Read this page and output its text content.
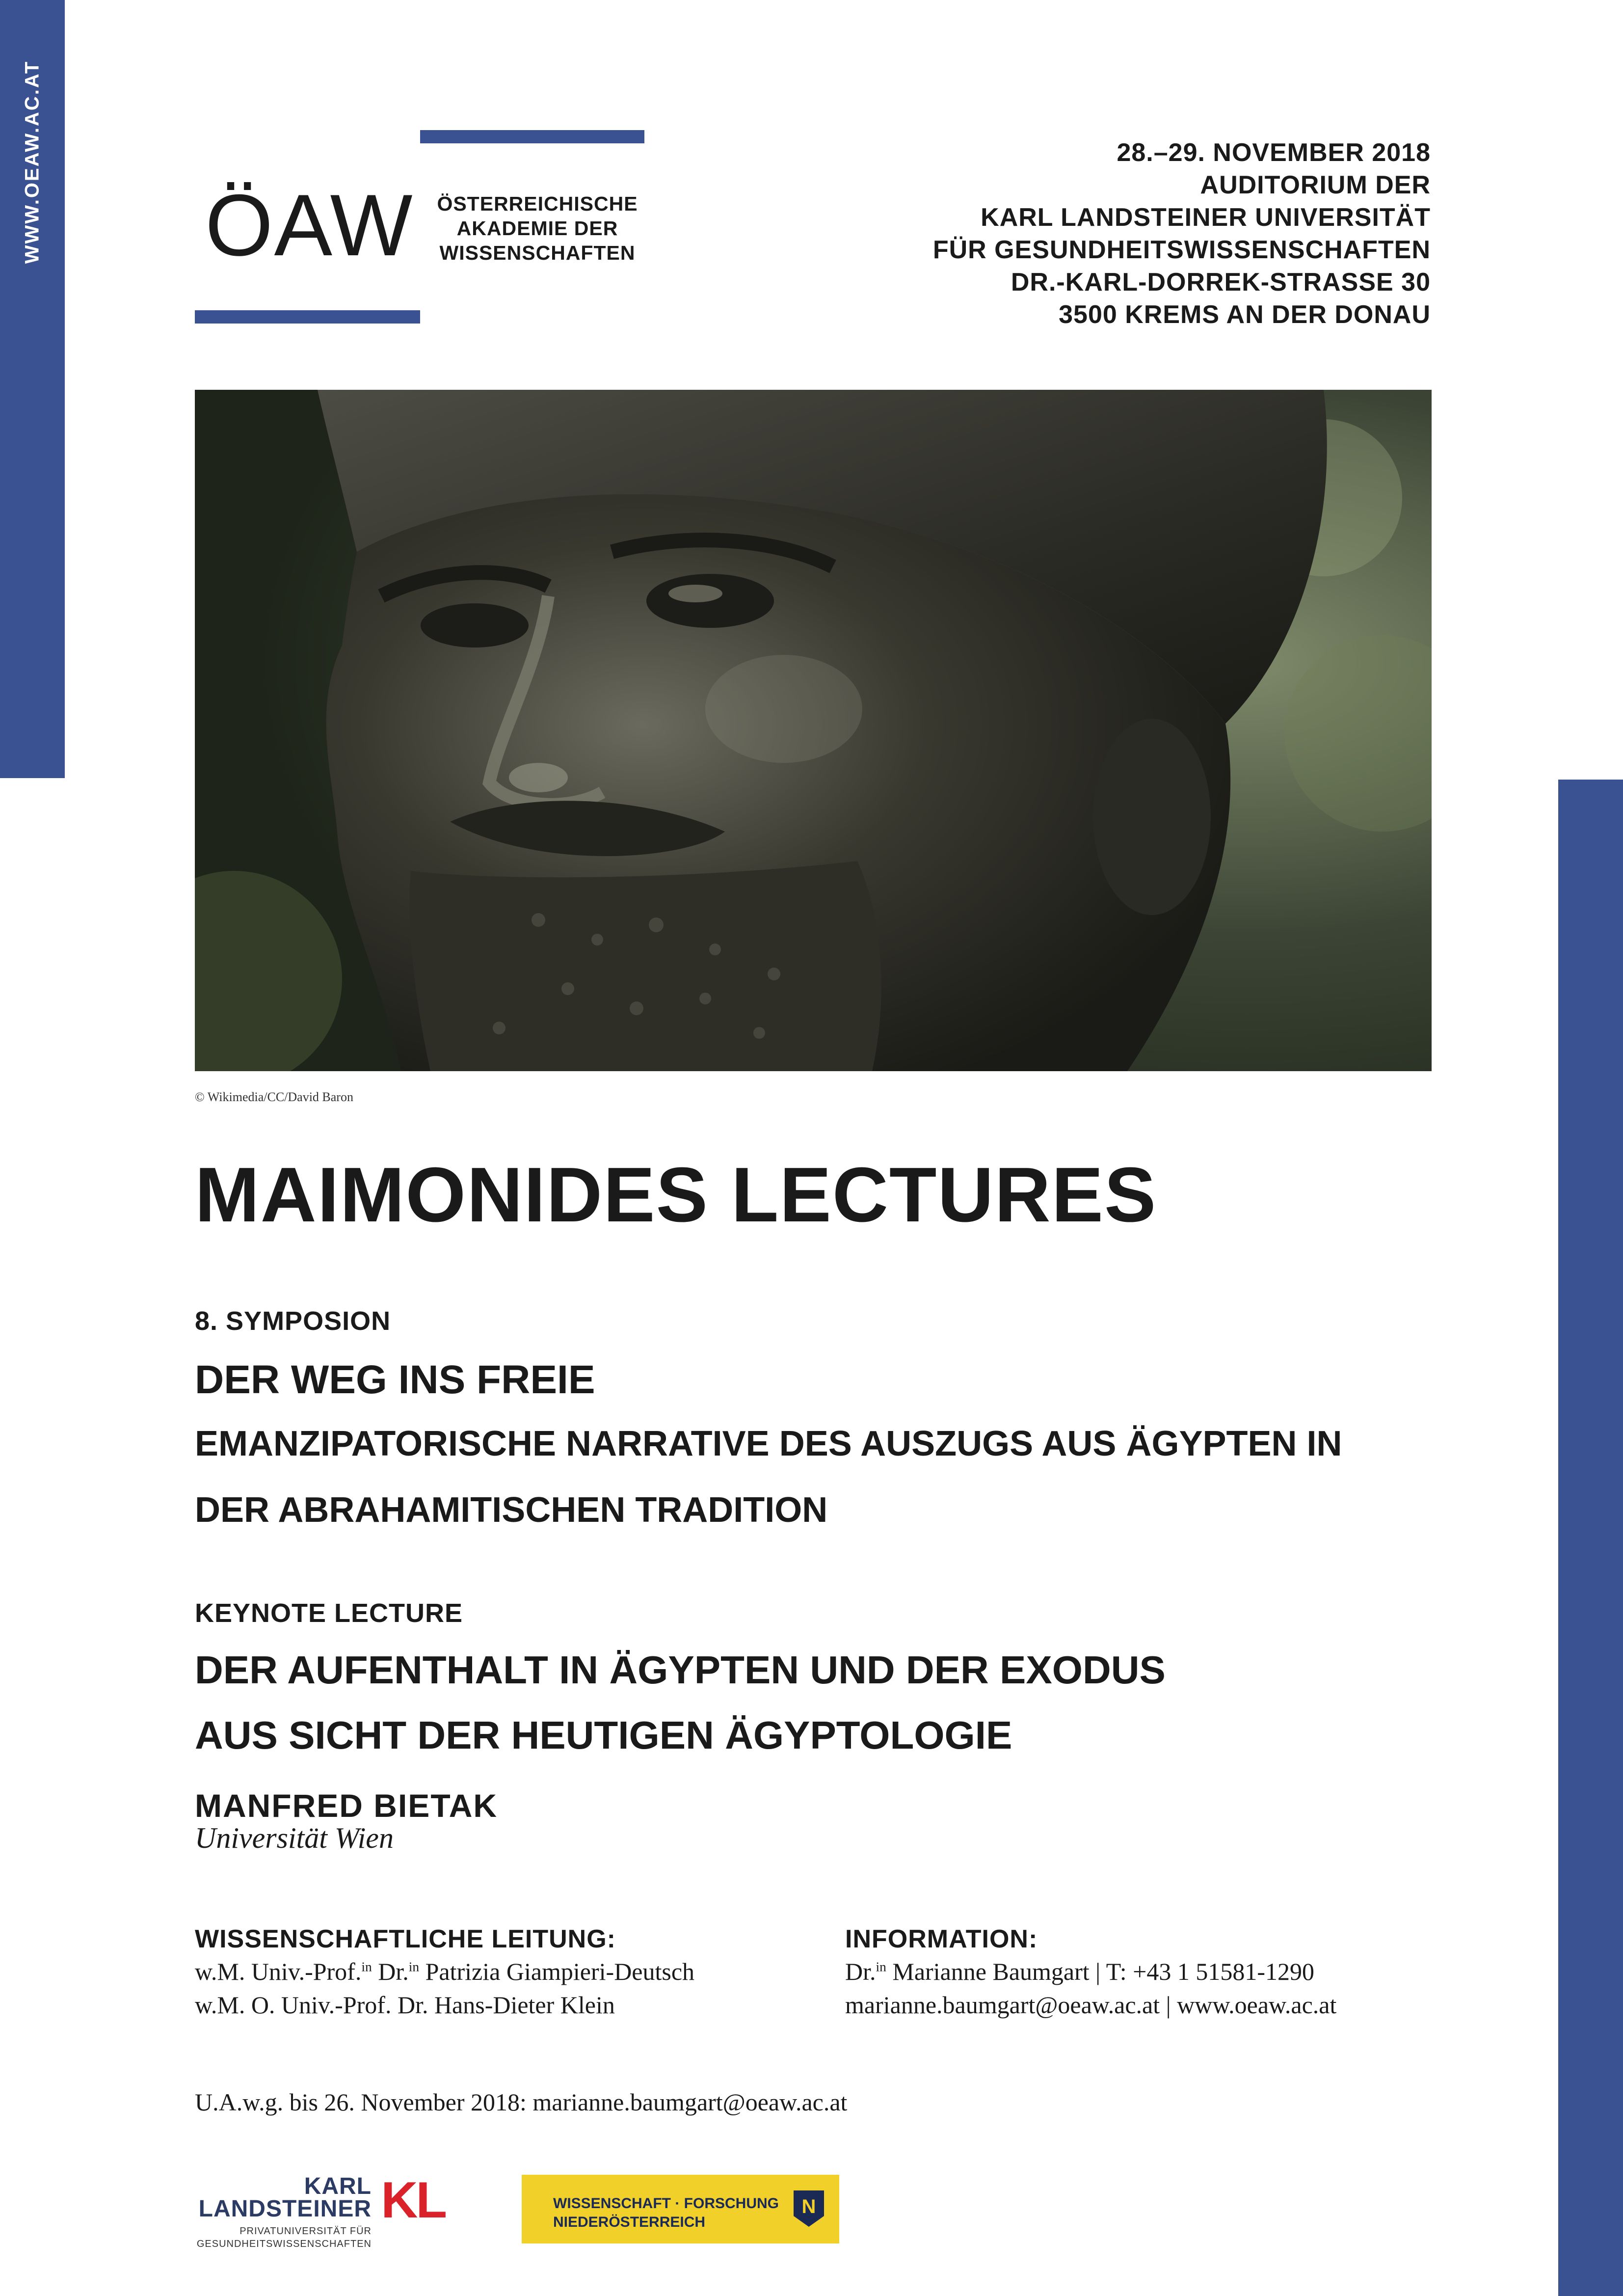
WWW.OEAW.AC.AT ÖAW ÖSTERREICHISCHE
AKADEMIE DER
WISSENSCHAFTEN
28.–29. NOVEMBER 2018
AUDITORIUM DER
KARL LANDSTEINER UNIVERSITÄT
FÜR GESUNDHEITSWISSENSCHAFTEN
DR.-KARL-DORREK-STRASSE 30
3500 KREMS AN DER DONAU
© Wikimedia/CC/David Baron
MAIMONIDES LECTURES
8. SYMPOSION
DER WEG INS FREIE
EMANZIPATORISCHE NARRATIVE DES AUSZUGS AUS ÄGYPTEN IN
DER ABRAHAMITISCHEN TRADITION
KEYNOTE LECTURE
DER AUFENTHALT IN ÄGYPTEN UND DER EXODUS
AUS SICHT DER HEUTIGEN ÄGYPTOLOGIE
MANFRED BIETAK
Universität Wien
WISSENSCHAFTLICHE LEITUNG:
w.M. Univ.-Prof.$^{in}$ Dr.$^{in}$ Patrizia Giampieri-Deutsch
w.M. O. Univ.-Prof. Dr. Hans-Dieter Klein
INFORMATION:
Dr.$^{in}$ Marianne Baumgart | T: +43 1 51581-1290
marianne.baumgart@oeaw.ac.at | www.oeaw.ac.at
U.A.w.g. bis 26. November 2018: marianne.baumgart@oeaw.ac.at
KARL
LANDSTEINER KL
PRIVATUNIVERSITÄT FÜR
GESUNDHEITSWISSENSCHAFTEN
WISSENSCHAFT · FORSCHUNG
NIEDERÖSTERREICH
N
